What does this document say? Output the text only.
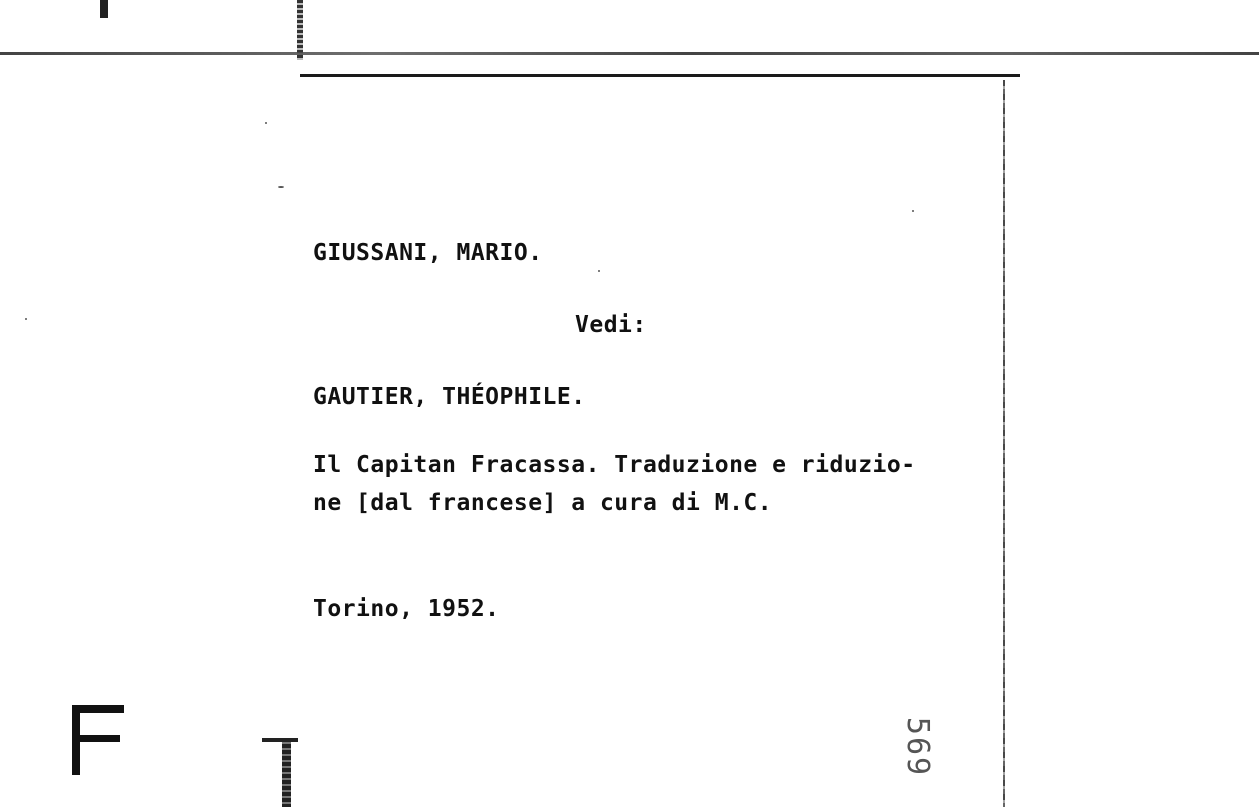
GIUSSANI, MARIO.
Vedi:
GAUTIER, THÉOPHILE.
Il Capitan Fracassa. Traduzione e riduzio-
ne [dal francese] a cura di M.C.
Torino, 1952.
569
